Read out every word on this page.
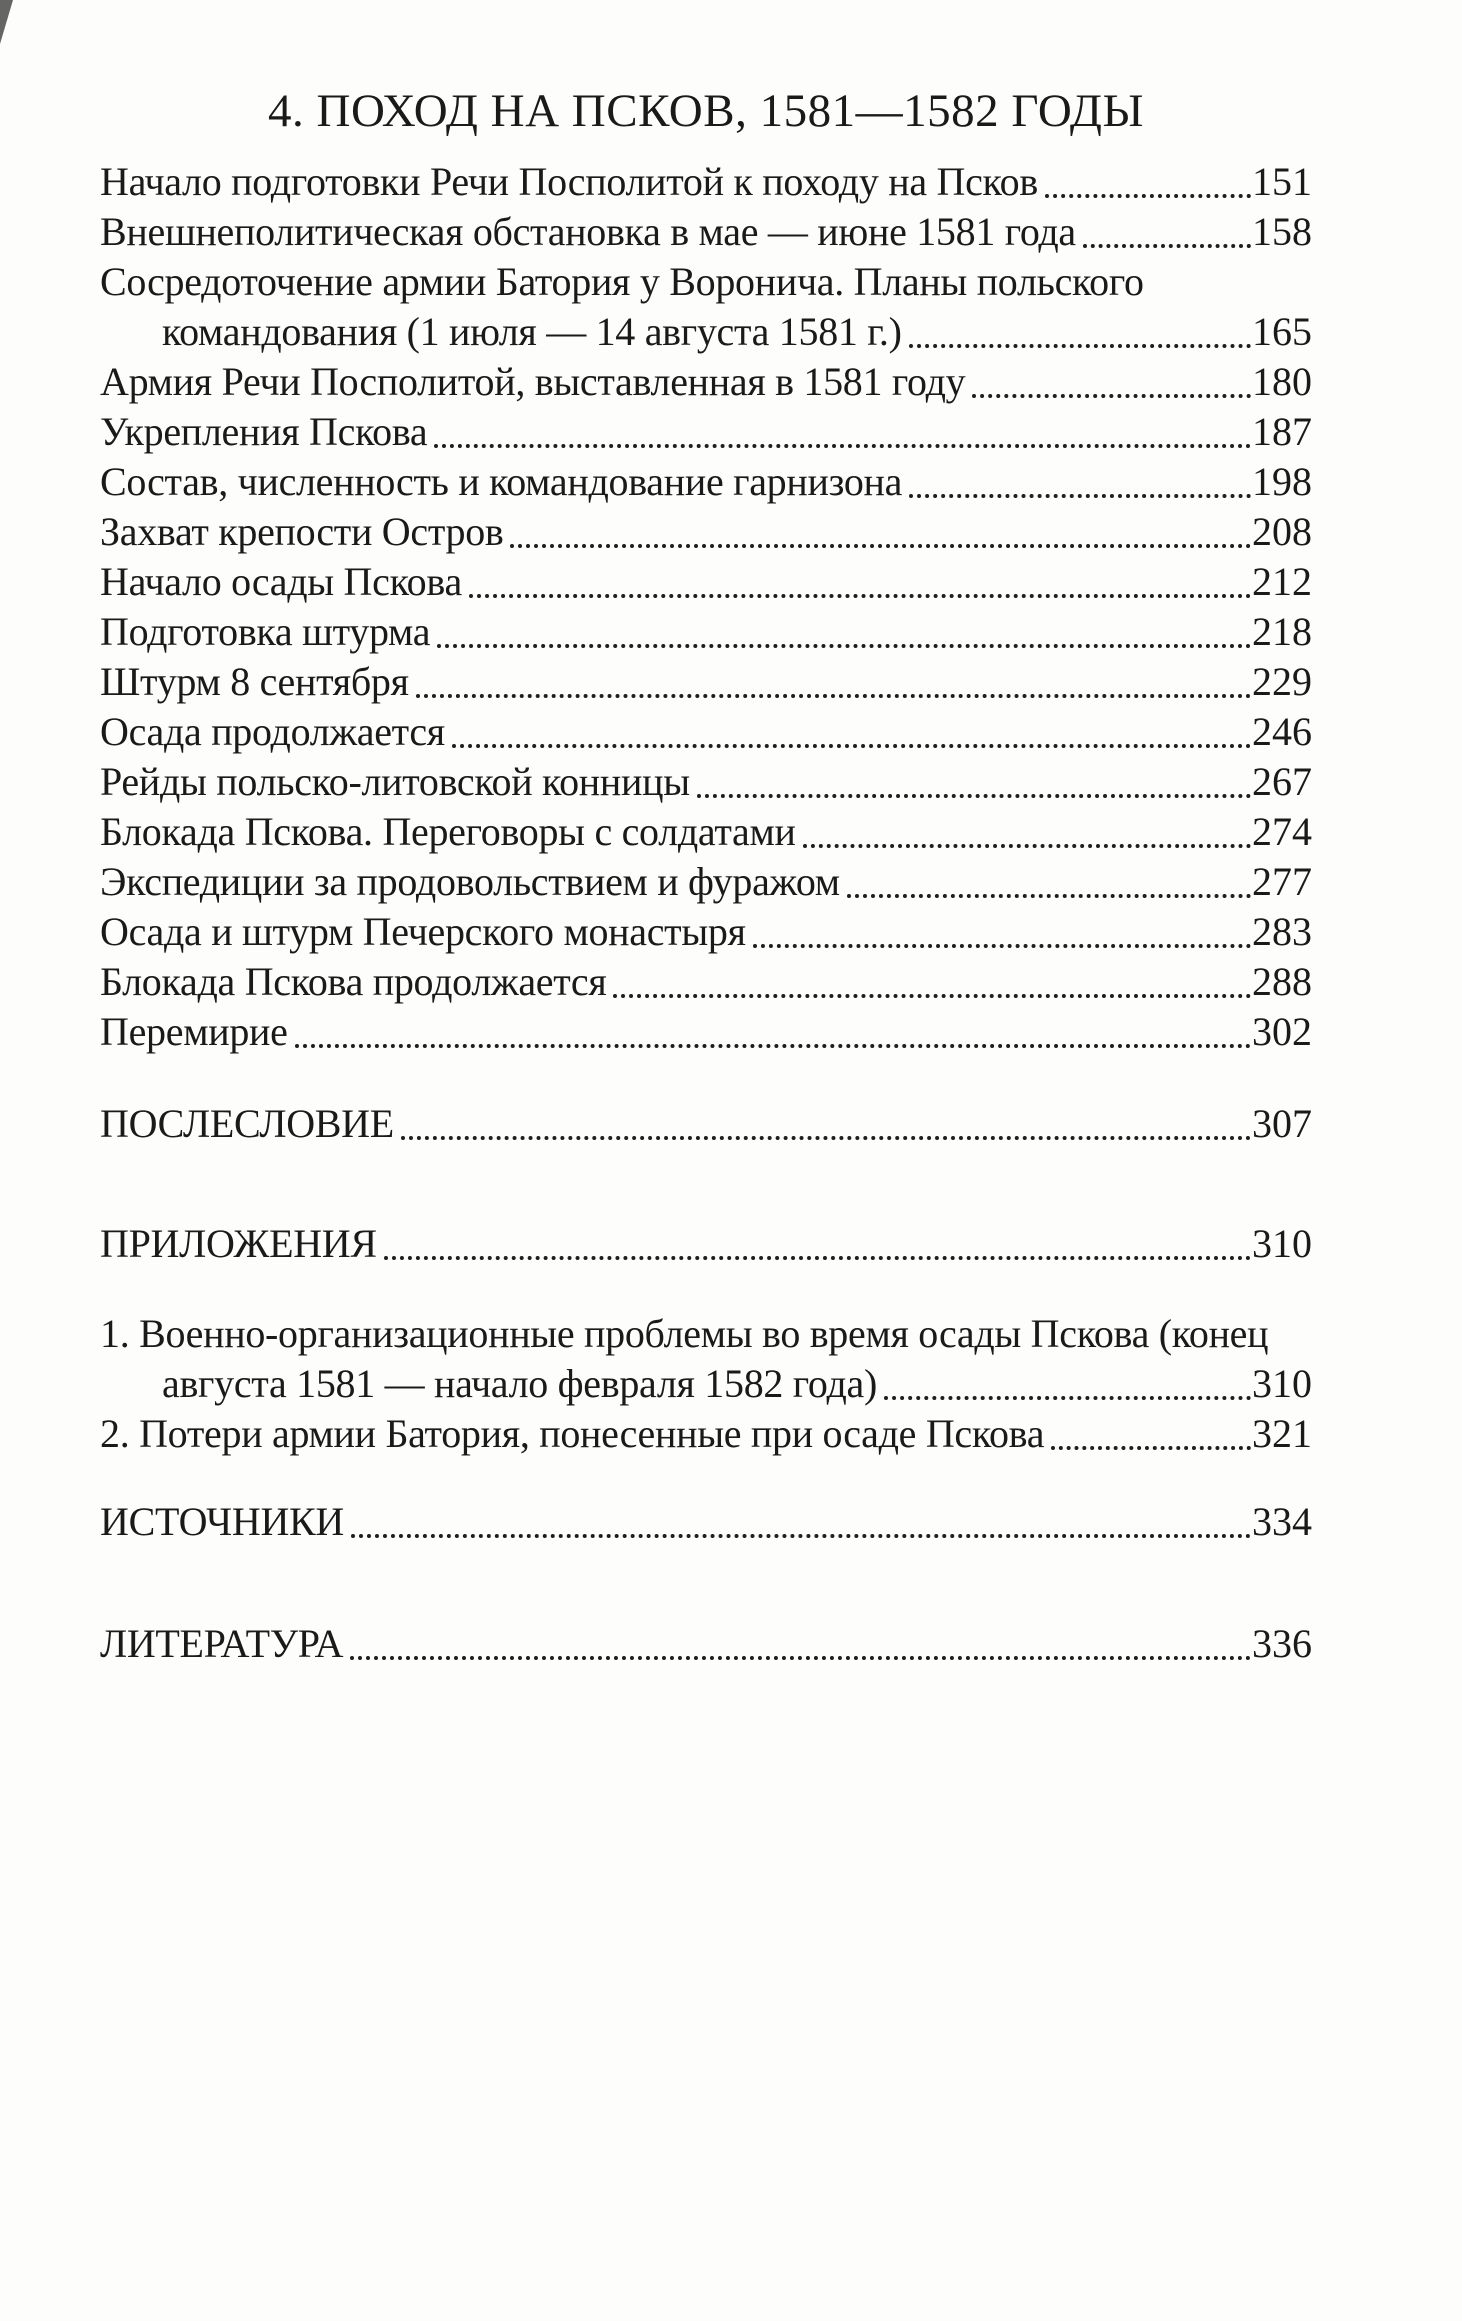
4. ПОХОД НА ПСКОВ, 1581—1582 ГОДЫ
Начало подготовки Речи Посполитой к походу на Псков	151
Внешнеполитическая обстановка в мае — июне 1581 года	158
Сосредоточение армии Батория у Воронича. Планы польского
командования (1 июля — 14 августа 1581 г.)	165
Армия Речи Посполитой, выставленная в 1581 году	180
Укрепления Пскова	187
Состав, численность и командование гарнизона	198
Захват крепости Остров	208
Начало осады Пскова	212
Подготовка штурма	218
Штурм 8 сентября	229
Осада продолжается	246
Рейды польско-литовской конницы	267
Блокада Пскова. Переговоры с солдатами	274
Экспедиции за продовольствием и фуражом	277
Осада и штурм Печерского монастыря	283
Блокада Пскова продолжается	288
Перемирие	302
ПОСЛЕСЛОВИЕ	307
ПРИЛОЖЕНИЯ	310
1. Военно-организационные проблемы во время осады Пскова (конец
августа 1581 — начало февраля 1582 года)	310
2. Потери армии Батория, понесенные при осаде Пскова	321
ИСТОЧНИКИ	334
ЛИТЕРАТУРА	336
